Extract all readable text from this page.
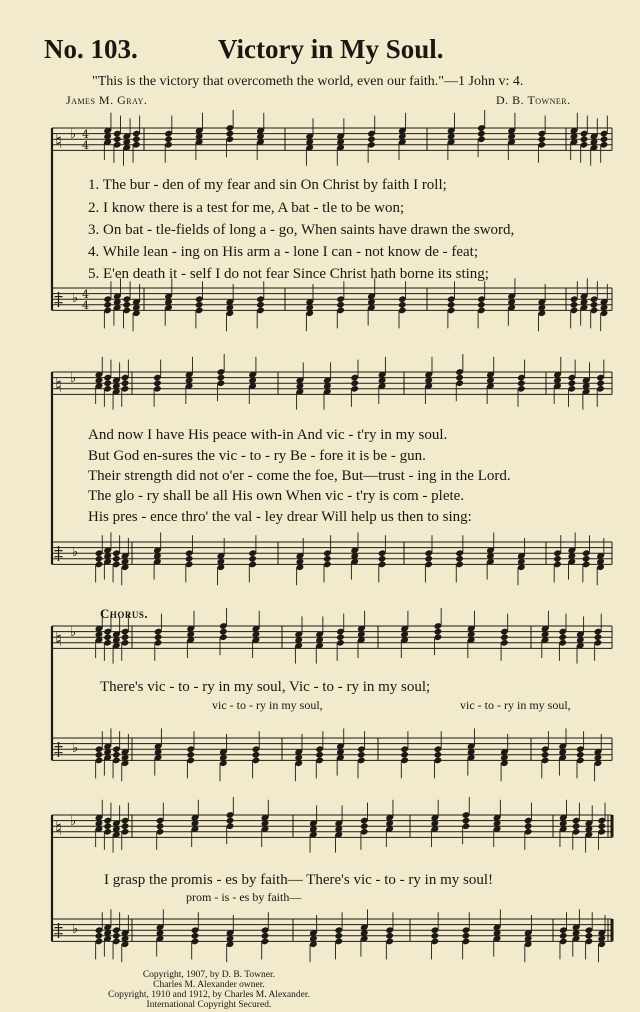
No. 103.	Victory in My Soul.
"This is the victory that overcometh the world, even our faith."—1 John v: 4.
James M. Gray.	D. B. Towner.
♮ ♭ 4
4
‡ ♭ 4
4
♮ ♭
‡ ♭
♮ ♭
‡ ♭
♮ ♭
‡ ♭
1. The bur - den of my fear and sin On Christ by faith I roll;
2. I know there is a test for me, A bat - tle to be won;
3. On bat - tle-fields of long a - go, When saints have drawn the sword,
4. While lean - ing on His arm a - lone I can - not know de - feat;
5. E'en death it - self I do not fear Since Christ hath borne its sting;
And now I have His peace with-in And vic - t'ry in my soul.
But God en-sures the vic - to - ry Be - fore it is be - gun.
Their strength did not o'er - come the foe, But—trust - ing in the Lord.
The glo - ry shall be all His own When vic - t'ry is com - plete.
His pres - ence thro' the val - ley drear Will help us then to sing:
Chorus.
There's vic - to - ry in my soul, Vic - to - ry in my soul;
vic - to - ry in my soul,	vic - to - ry in my soul,
I grasp the promis - es by faith— There's vic - to - ry in my soul!
prom - is - es by faith—
Copyright, 1907, by D. B. Towner.
Charles M. Alexander owner.
Copyright, 1910 and 1912, by Charles M. Alexander.
International Copyright Secured.
